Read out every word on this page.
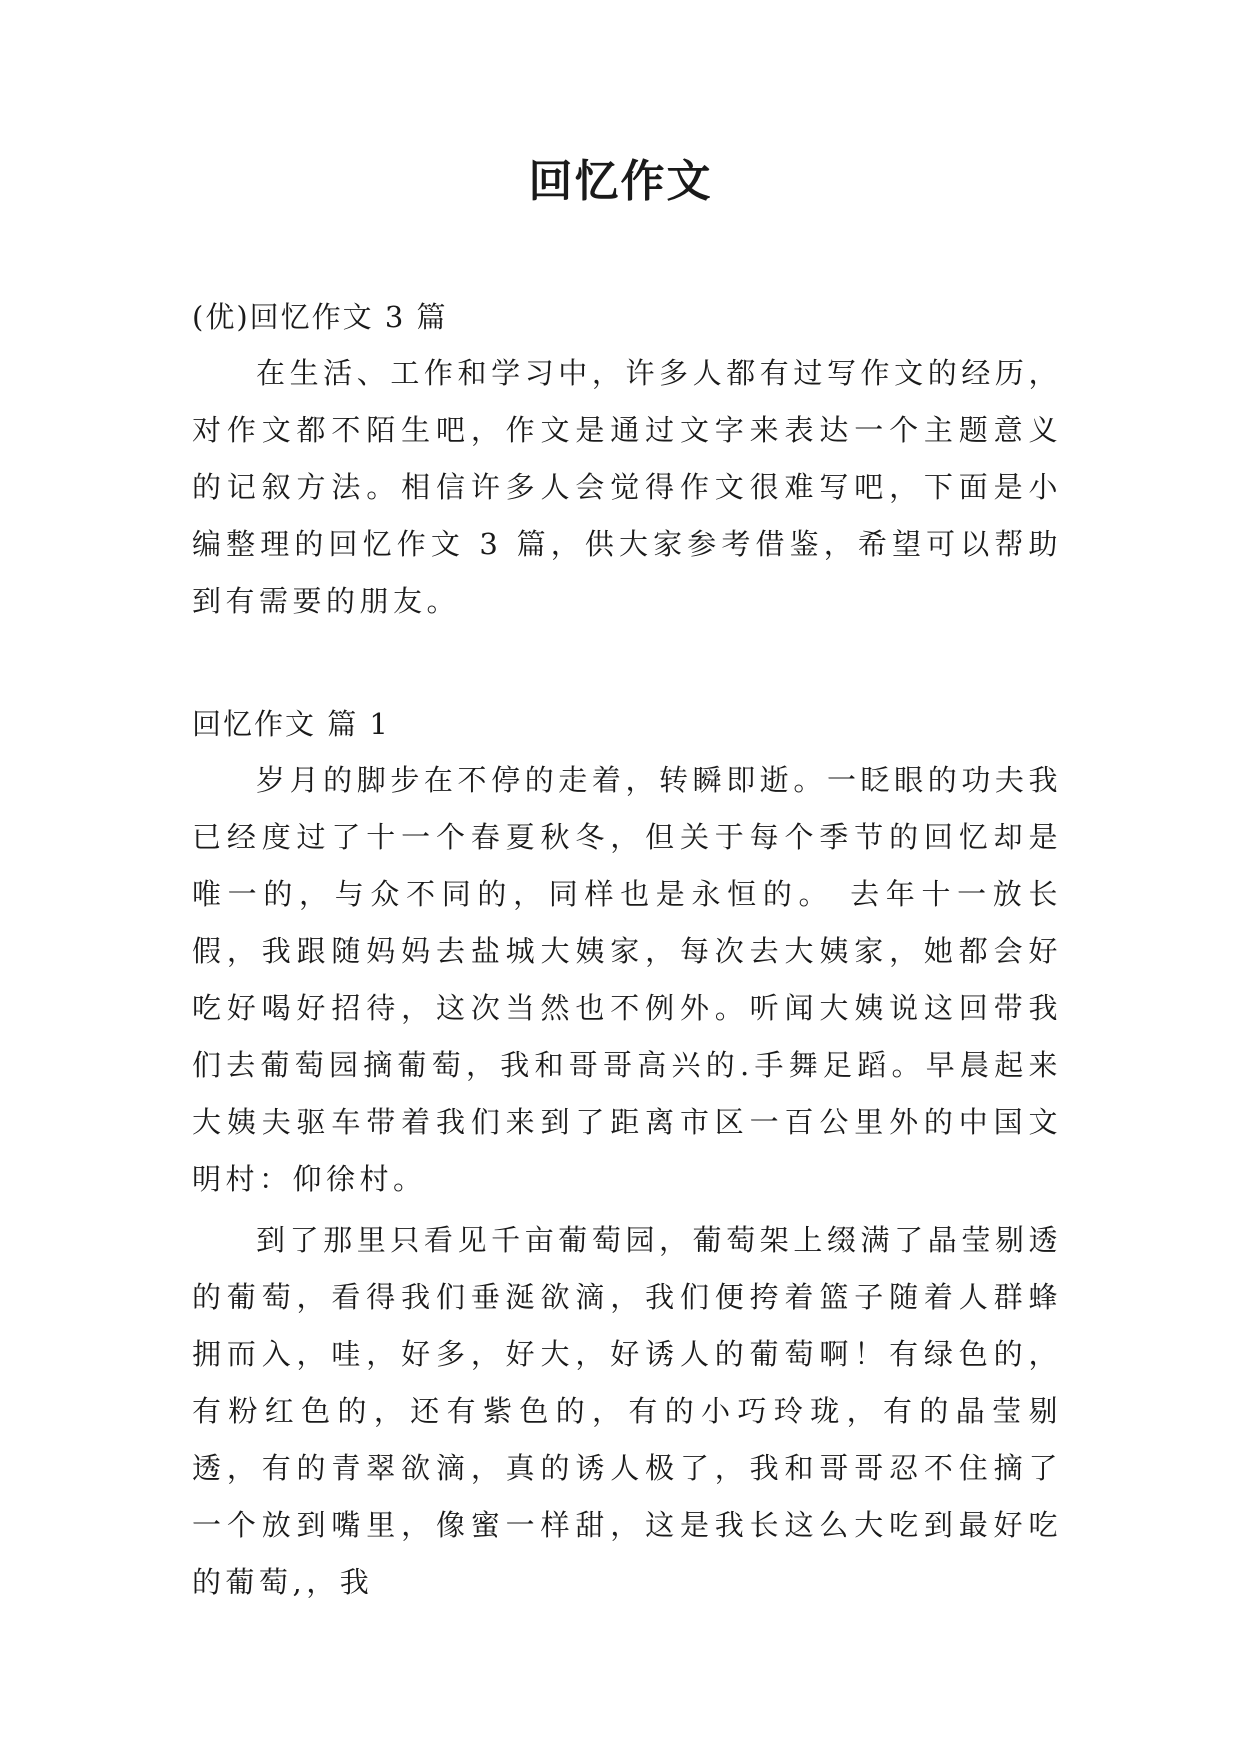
回忆作文

(优)回忆作文 3 篇

在生活、工作和学习中，许多人都有过写作文的经历，对作文都不陌生吧，作文是通过文字来表达一个主题意义的记叙方法。相信许多人会觉得作文很难写吧，下面是小编整理的回忆作文 3 篇，供大家参考借鉴，希望可以帮助到有需要的朋友。

回忆作文 篇 1

岁月的脚步在不停的走着，转瞬即逝。一眨眼的功夫我已经度过了十一个春夏秋冬，但关于每个季节的回忆却是唯一的，与众不同的，同样也是永恒的。 去年十一放长假，我跟随妈妈去盐城大姨家，每次去大姨家，她都会好吃好喝好招待，这次当然也不例外。听闻大姨说这回带我们去葡萄园摘葡萄，我和哥哥高兴的.手舞足蹈。早晨起来大姨夫驱车带着我们来到了距离市区一百公里外的中国文明村：仰徐村。

到了那里只看见千亩葡萄园，葡萄架上缀满了晶莹剔透的葡萄，看得我们垂涎欲滴，我们便挎着篮子随着人群蜂拥而入，哇，好多，好大，好诱人的葡萄啊！有绿色的，有粉红色的，还有紫色的，有的小巧玲珑，有的晶莹剔透，有的青翠欲滴，真的诱人极了，我和哥哥忍不住摘了一个放到嘴里，像蜜一样甜，这是我长这么大吃到最好吃的葡萄,，我
